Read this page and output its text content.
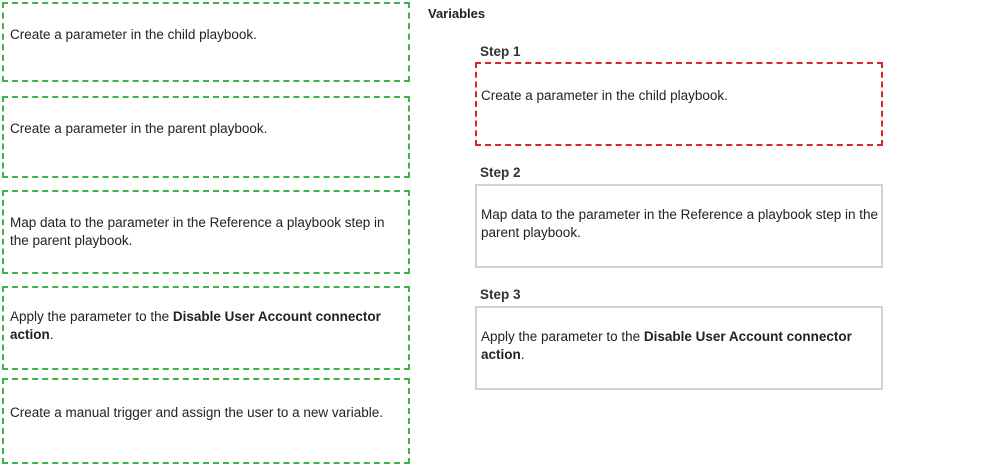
Create a parameter in the child playbook.
Create a parameter in the parent playbook.
Map data to the parameter in the Reference a playbook step in the parent playbook.
Apply the parameter to the Disable User Account connector action.
Create a manual trigger and assign the user to a new variable.
Variables
Step 1
Create a parameter in the child playbook.
Step 2
Map data to the parameter in the Reference a playbook step in the parent playbook.
Step 3
Apply the parameter to the Disable User Account connector action.
